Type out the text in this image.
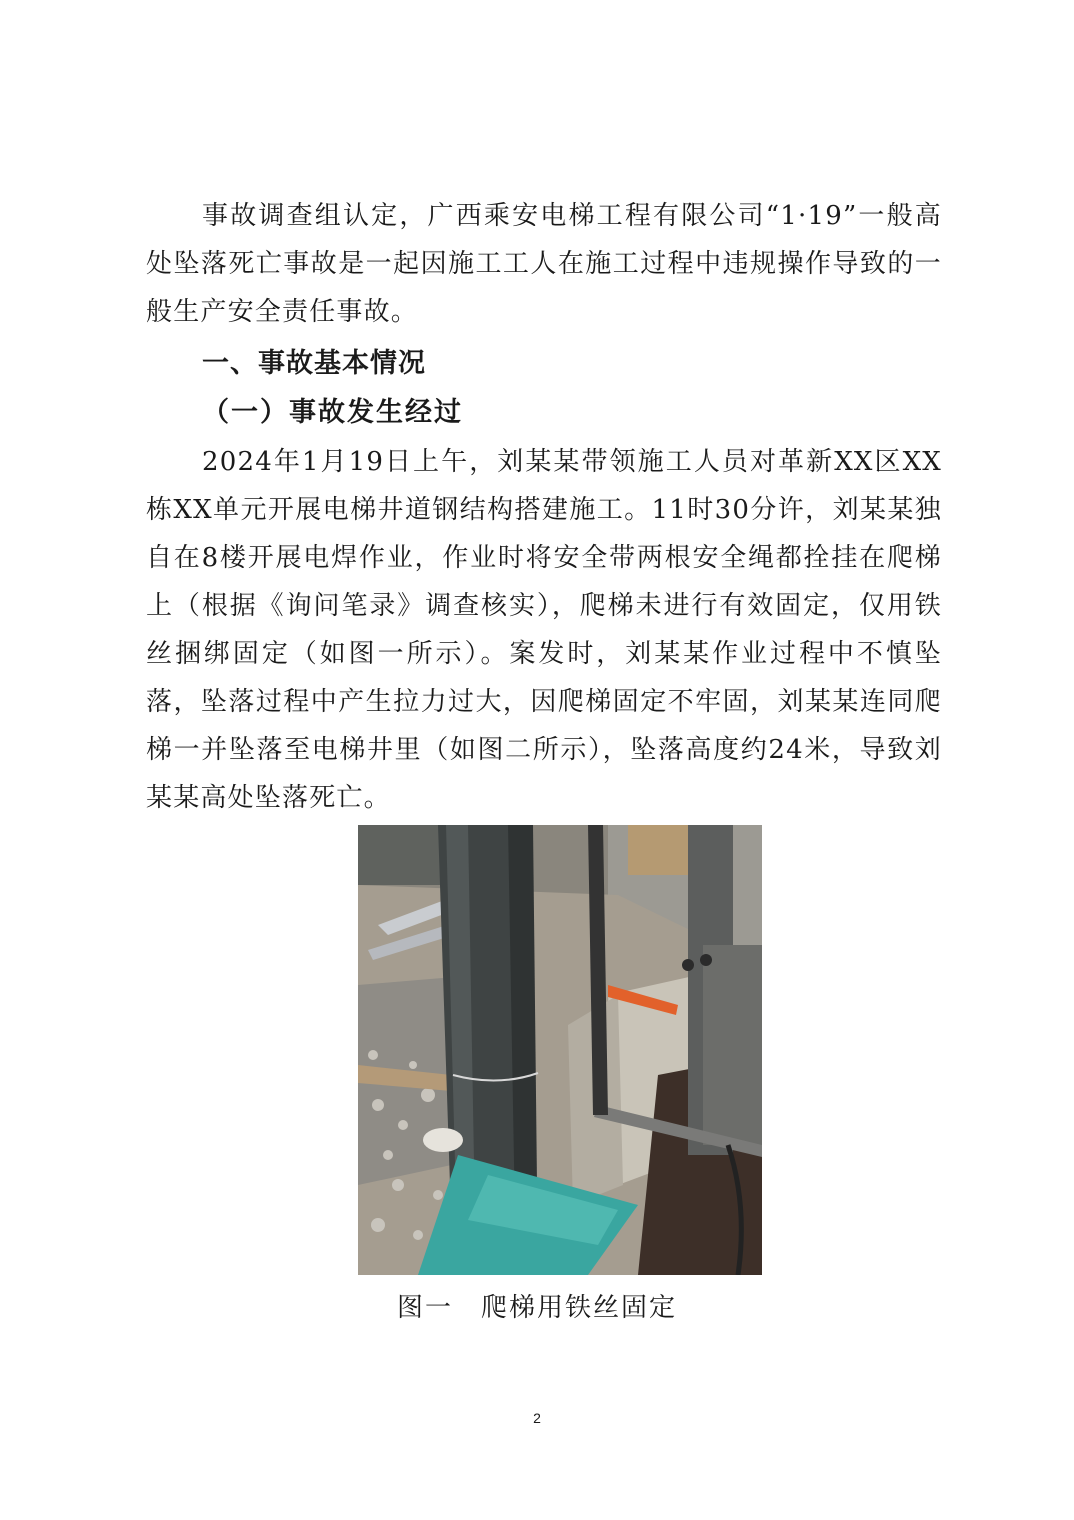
事故调查组认定，广西乘安电梯工程有限公司“1·19”一般高处坠落死亡事故是一起因施工工人在施工过程中违规操作导致的一般生产安全责任事故。

一、事故基本情况
（一）事故发生经过

2024年1月19日上午，刘某某带领施工人员对革新XX区XX栋XX单元开展电梯井道钢结构搭建施工。11时30分许，刘某某独自在8楼开展电焊作业，作业时将安全带两根安全绳都拴挂在爬梯上（根据《询问笔录》调查核实），爬梯未进行有效固定，仅用铁丝捆绑固定（如图一所示）。案发时，刘某某作业过程中不慎坠落，坠落过程中产生拉力过大，因爬梯固定不牢固，刘某某连同爬梯一并坠落至电梯井里（如图二所示），坠落高度约24米，导致刘某某高处坠落死亡。

图一　爬梯用铁丝固定
2
